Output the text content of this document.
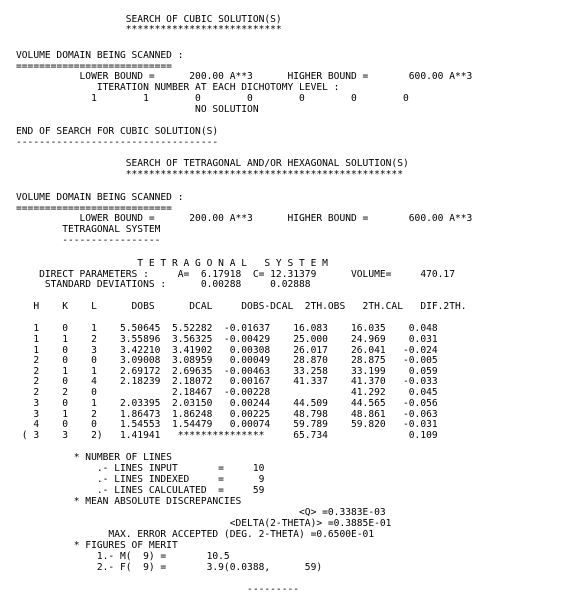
SEARCH OF CUBIC SOLUTION(S)
***************************
VOLUME DOMAIN BEING SCANNED :
===========================
LOWER BOUND =      200.00 A**3      HIGHER BOUND =       600.00 A**3
ITERATION NUMBER AT EACH DICHOTOMY LEVEL :
1        1        0        0        0        0        0
NO SOLUTION
END OF SEARCH FOR CUBIC SOLUTION(S)
-----------------------------------
SEARCH OF TETRAGONAL AND/OR HEXAGONAL SOLUTION(S)
************************************************
VOLUME DOMAIN BEING SCANNED :
===========================
LOWER BOUND =      200.00 A**3      HIGHER BOUND =       600.00 A**3
TETRAGONAL SYSTEM
-----------------
T E T R A G O N A L   S Y S T E M
DIRECT PARAMETERS :     A=  6.17918  C= 12.31379      VOLUME=     470.17
STANDARD DEVIATIONS :      0.00288     0.02888
H    K    L      DOBS      DCAL     DOBS-DCAL  2TH.OBS   2TH.CAL   DIF.2TH.
1    0    1    5.50645  5.52282  -0.01637    16.083    16.035    0.048
1    1    2    3.55896  3.56325  -0.00429    25.000    24.969    0.031
1    0    3    3.42210  3.41902   0.00308    26.017    26.041   -0.024
2    0    0    3.09008  3.08959   0.00049    28.870    28.875   -0.005
2    1    1    2.69172  2.69635  -0.00463    33.258    33.199    0.059
2    0    4    2.18239  2.18072   0.00167    41.337    41.370   -0.033
2    2    0             2.18467  -0.00228              41.292    0.045
3    0    1    2.03395  2.03150   0.00244    44.509    44.565   -0.056
3    1    2    1.86473  1.86248   0.00225    48.798    48.861   -0.063
4    0    0    1.54553  1.54479   0.00074    59.789    59.820   -0.031
( 3    3    2)   1.41941   ***************     65.734              0.109
* NUMBER OF LINES
.- LINES INPUT       =     10
.- LINES INDEXED     =      9
.- LINES CALCULATED  =     59
* MEAN ABSOLUTE DISCREPANCIES
<Q> =0.3383E-03
<DELTA(2-THETA)> =0.3885E-01
MAX. ERROR ACCEPTED (DEG. 2-THETA) =0.6500E-01
* FIGURES OF MERIT
1.- M(  9) =       10.5
2.- F(  9) =       3.9(0.0388,      59)
---------
